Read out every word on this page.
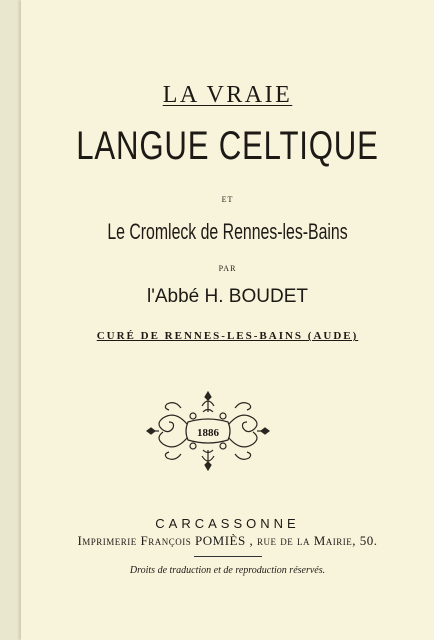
LA VRAIE
LANGUE CELTIQUE
ET
Le Cromleck de Rennes-les-Bains
PAR
l'Abbé H. BOUDET
CURÉ DE RENNES-LES-BAINS (AUDE)
1886
CARCASSONNE
Imprimerie François POMIÈS , rue de la Mairie, 50.
Droits de traduction et de reproduction réservés.
